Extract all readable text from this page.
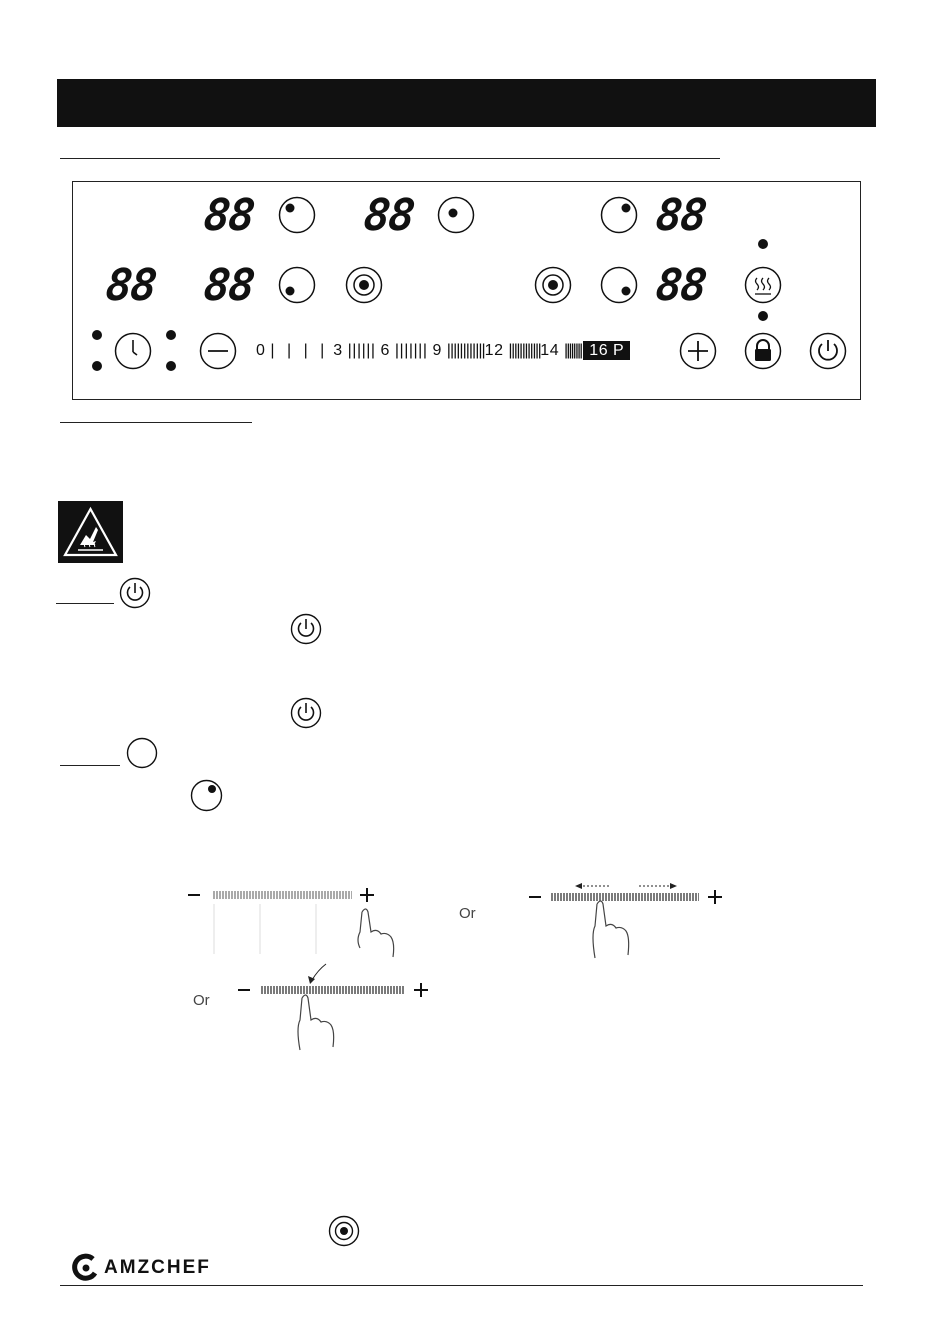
88 88	88
88 88	88
0 | | | | 3 |||||| 6 ||||||| 9 ||||||||||||12 ||||||||||||14 |||||||| 16 P
Or
Or
AMZCHEF
